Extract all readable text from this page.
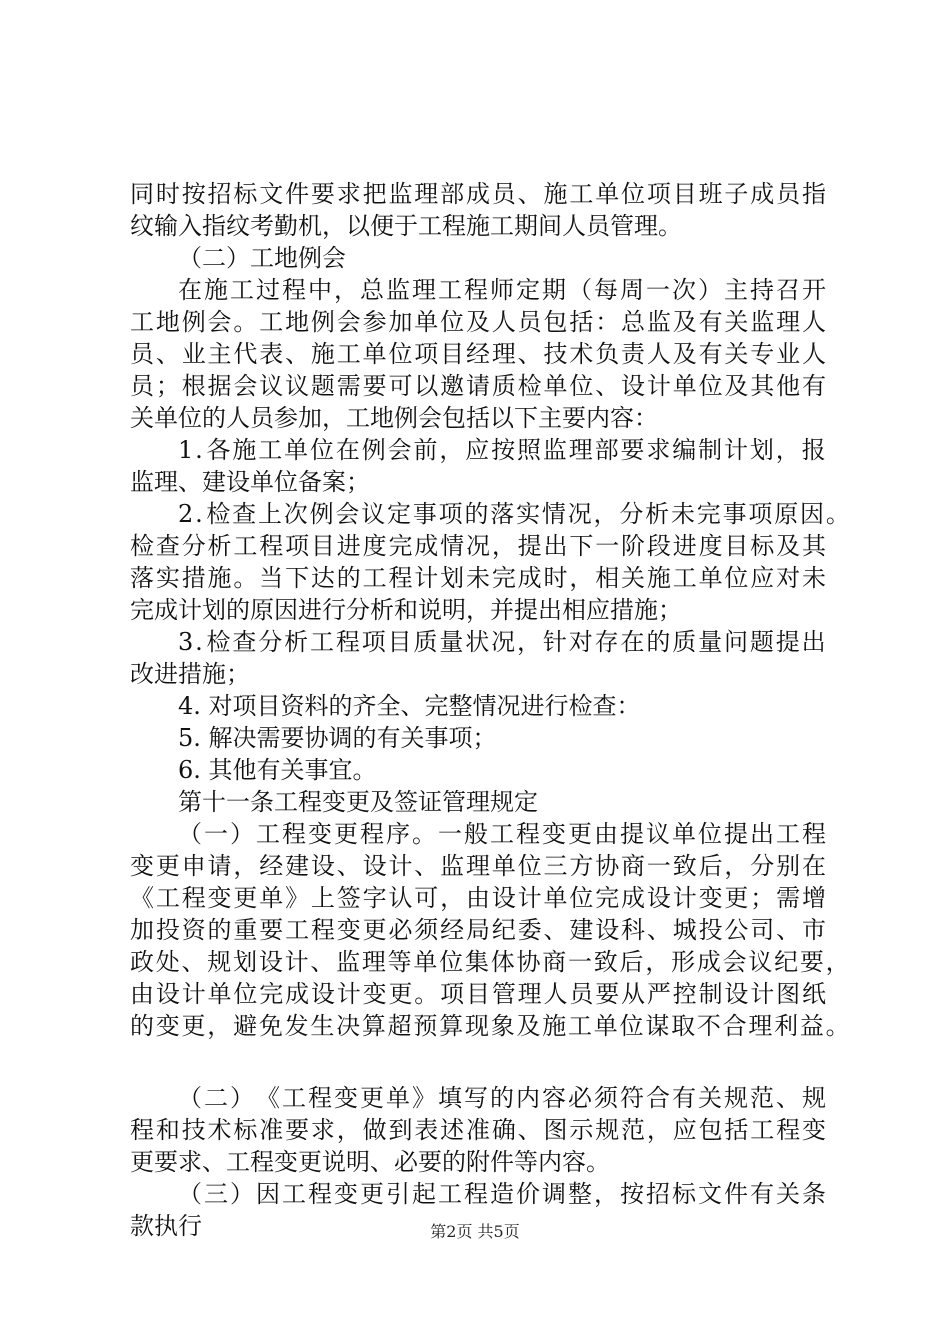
同 时 按 招 标 文 件 要 求 把 监 理 部 成 员 、 施 工 单 位 项 目 班 子 成 员 指
纹输入指纹考勤机，以便于工程施工期间人员管理。
（二）工地例会
在 施 工 过 程 中 ， 总 监 理 工 程 师 定 期 （ 每 周 一 次 ） 主 持 召 开
工 地 例 会 。 工 地 例 会 参 加 单 位 及 人 员 包 括 ： 总 监 及 有 关 监 理 人
员 、 业 主 代 表 、 施 工 单 位 项 目 经 理 、 技 术 负 责 人 及 有 关 专 业 人
员 ； 根 据 会 议 议 题 需 要 可 以 邀 请 质 检 单 位 、 设 计 单 位 及 其 他 有
关单位的人员参加，工地例会包括以下主要内容：
1 . 各 施 工 单 位 在 例 会 前 ， 应 按 照 监 理 部 要 求 编 制 计 划 ， 报
监理、建设单位备案；
2 . 检 查 上 次 例 会 议 定 事 项 的 落 实 情 况 ， 分 析 未 完 事 项 原 因 。
检 查 分 析 工 程 项 目 进 度 完 成 情 况 ， 提 出 下 一 阶 段 进 度 目 标 及 其
落 实 措 施 。 当 下 达 的 工 程 计 划 未 完 成 时 ， 相 关 施 工 单 位 应 对 未
完成计划的原因进行分析和说明，并提出相应措施；
3 . 检 查 分 析 工 程 项 目 质 量 状 况 ， 针 对 存 在 的 质 量 问 题 提 出
改进措施；
4. 对项目资料的齐全、完整情况进行检查：
5. 解决需要协调的有关事项；
6. 其他有关事宜。
第十一条工程变更及签证管理规定
（ 一 ） 工 程 变 更 程 序 。 一 般 工 程 变 更 由 提 议 单 位 提 出 工 程
变 更 申 请 ， 经 建 设 、 设 计 、 监 理 单 位 三 方 协 商 一 致 后 ， 分 别 在
《 工 程 变 更 单 》 上 签 字 认 可 ， 由 设 计 单 位 完 成 设 计 变 更 ； 需 增
加 投 资 的 重 要 工 程 变 更 必 须 经 局 纪 委 、 建 设 科 、 城 投 公 司 、 市
政 处 、 规 划 设 计 、 监 理 等 单 位 集 体 协 商 一 致 后 ， 形 成 会 议 纪 要 ，
由 设 计 单 位 完 成 设 计 变 更 。 项 目 管 理 人 员 要 从 严 控 制 设 计 图 纸
的 变 更 ， 避 免 发 生 决 算 超 预 算 现 象 及 施 工 单 位 谋 取 不 合 理 利 益 。
（ 二 ） 《 工 程 变 更 单 》 填 写 的 内 容 必 须 符 合 有 关 规 范 、 规
程 和 技 术 标 准 要 求 ， 做 到 表 述 准 确 、 图 示 规 范 ， 应 包 括 工 程 变
更要求、工程变更说明、必要的附件等内容。
（ 三 ） 因 工 程 变 更 引 起 工 程 造 价 调 整 ， 按 招 标 文 件 有 关 条
款执行	第2页 共5页
